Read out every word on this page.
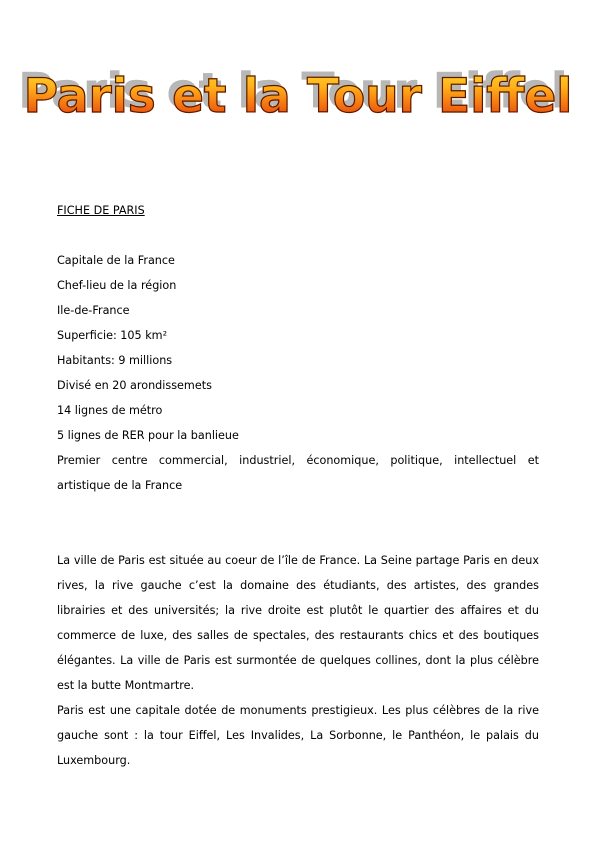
Paris et la Tour Eiffel

FICHE DE PARIS

Capitale de la France

Chef-lieu de la région

Ile-de-France

Superficie: 105 km²

Habitants: 9 millions

Divisé en 20 arondissemets

14 lignes de métro

5 lignes de RER pour la banlieue

Premier centre commercial, industriel, économique, politique, intellectuel et artistique de la France

La ville de Paris est située au coeur de l’île de France. La Seine partage Paris en deux rives, la rive gauche c’est la domaine des étudiants, des artistes, des grandes librairies et des universités; la rive droite est plutôt le quartier des affaires et du commerce de luxe, des salles de spectales, des restaurants chics et des boutiques élégantes. La ville de Paris est surmontée de quelques collines, dont la plus célèbre est la butte Montmartre.

Paris est une capitale dotée de monuments prestigieux. Les plus célèbres de la rive gauche sont : la tour Eiffel, Les Invalides, La Sorbonne, le Panthéon, le palais du Luxembourg.
